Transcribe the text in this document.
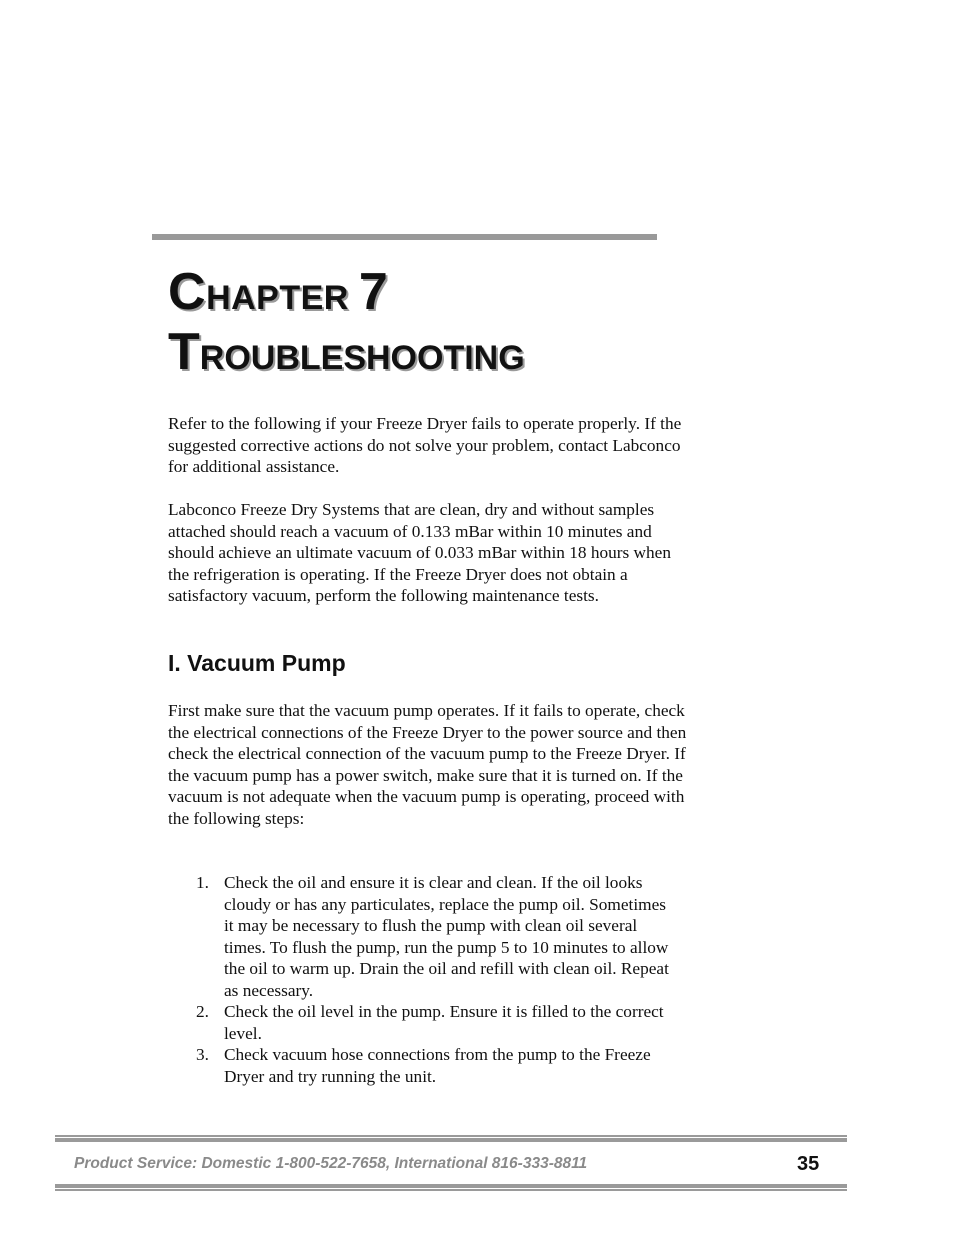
CHAPTER 7
TROUBLESHOOTING

Refer to the following if your Freeze Dryer fails to operate properly. If the suggested corrective actions do not solve your problem, contact Labconco for additional assistance.

Labconco Freeze Dry Systems that are clean, dry and without samples attached should reach a vacuum of 0.133 mBar within 10 minutes and should achieve an ultimate vacuum of 0.033 mBar within 18 hours when the refrigeration is operating. If the Freeze Dryer does not obtain a satisfactory vacuum, perform the following maintenance tests.

I. Vacuum Pump

First make sure that the vacuum pump operates. If it fails to operate, check the electrical connections of the Freeze Dryer to the power source and then check the electrical connection of the vacuum pump to the Freeze Dryer. If the vacuum pump has a power switch, make sure that it is turned on. If the vacuum is not adequate when the vacuum pump is operating, proceed with the following steps:

1. Check the oil and ensure it is clear and clean. If the oil looks cloudy or has any particulates, replace the pump oil. Sometimes it may be necessary to flush the pump with clean oil several times. To flush the pump, run the pump 5 to 10 minutes to allow the oil to warm up. Drain the oil and refill with clean oil. Repeat as necessary.
2. Check the oil level in the pump. Ensure it is filled to the correct level.
3. Check vacuum hose connections from the pump to the Freeze Dryer and try running the unit.
Product Service: Domestic 1-800-522-7658, International 816-333-8811	35
